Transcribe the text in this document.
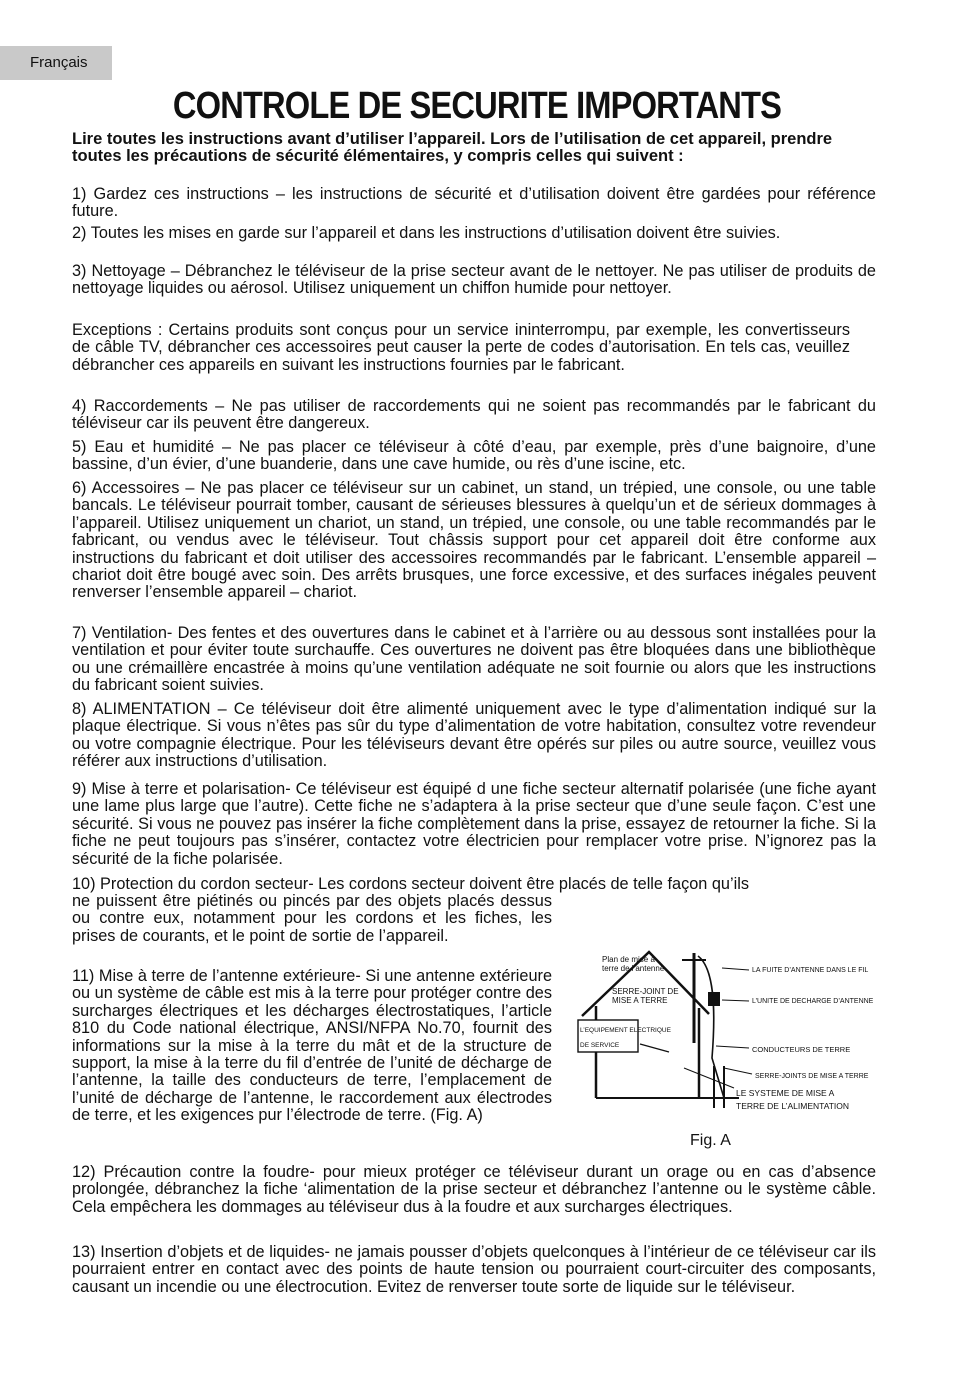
Français
CONTROLE DE SECURITE IMPORTANTS
Lire toutes les instructions avant d’utiliser l’appareil. Lors de l’utilisation de cet appareil, prendre toutes les précautions de sécurité élémentaires, y compris celles qui suivent :

1) Gardez ces instructions – les instructions de sécurité et d’utilisation doivent être gardées pour référence future.

2) Toutes les mises en garde sur l’appareil et dans les instructions d’utilisation doivent être suivies.

3) Nettoyage – Débranchez le téléviseur de la prise secteur avant de le nettoyer. Ne pas utiliser de produits de nettoyage liquides ou aérosol. Utilisez uniquement un chiffon humide pour nettoyer.

Exceptions : Certains produits sont conçus pour un service ininterrompu, par exemple, les convertisseurs de câble TV, débrancher ces accessoires peut causer la perte de codes d’autorisation. En tels cas, veuillez débrancher ces appareils en suivant les instructions fournies par le fabricant.

4) Raccordements – Ne pas utiliser de raccordements qui ne soient pas recommandés par le fabricant du téléviseur car ils peuvent être dangereux.

5) Eau et humidité – Ne pas placer ce téléviseur à côté d’eau, par exemple, près d’une baignoire, d’une bassine, d’un évier, d’une buanderie, dans une cave humide, ou rès d’une iscine, etc.

6) Accessoires – Ne pas placer ce téléviseur sur un cabinet, un stand, un trépied, une console, ou une table bancals. Le téléviseur pourrait tomber, causant de sérieuses blessures à quelqu’un et de sérieux dommages à l’appareil. Utilisez uniquement un chariot, un stand, un trépied, une console, ou une table recommandés par le fabricant, ou vendus avec le téléviseur. Tout châssis support pour cet appareil doit être conforme aux instructions du fabricant et doit utiliser des accessoires recommandés par le fabricant. L’ensemble appareil – chariot doit être bougé avec soin. Des arrêts brusques, une force excessive, et des surfaces inégales peuvent renverser l’ensemble appareil – chariot.

7) Ventilation- Des fentes et des ouvertures dans le cabinet et à l’arrière ou au dessous sont installées pour la ventilation et pour éviter toute surchauffe. Ces ouvertures ne doivent pas être bloquées dans une bibliothèque ou une crémaillère encastrée à moins qu’une ventilation adéquate ne soit fournie ou alors que les instructions du fabricant soient suivies.

8) ALIMENTATION – Ce téléviseur doit être alimenté uniquement avec le type d’alimentation indiqué sur la plaque électrique. Si vous n’êtes pas sûr du type d’alimentation de votre habitation, consultez votre revendeur ou votre compagnie électrique. Pour les téléviseurs devant être opérés sur piles ou autre source, veuillez vous référer aux instructions d’utilisation.

9) Mise à terre et polarisation- Ce téléviseur est équipé d une fiche secteur alternatif polarisée (une fiche ayant une lame plus large que l’autre). Cette fiche ne s’adaptera à la prise secteur que d’une seule façon. C’est une sécurité. Si vous ne pouvez pas insérer la fiche complètement dans la prise, essayez de retourner la fiche. Si la fiche ne peut toujours pas s’insérer, contactez votre électricien pour remplacer votre prise. N’ignorez pas la sécurité de la fiche polarisée.

10) Protection du cordon secteur- Les cordons secteur doivent être placés de telle façon qu’ils

ne puissent être piétinés ou pincés par des objets placés dessus ou contre eux, notamment pour les cordons et les fiches, les prises de courants, et le point de sortie de l’appareil.

11) Mise à terre de l’antenne extérieure- Si une antenne extérieure ou un système de câble est mis à la terre pour protéger contre des surcharges électriques et les décharges électrostatiques, l’article 810 du Code national électrique, ANSI/NFPA No.70, fournit des informations sur la mise à la terre du mât et de la structure de support, la mise à la terre du fil d’entrée de l’unité de décharge de l’antenne, la taille des conducteurs de terre, l’emplacement de l’unité de décharge de l’antenne, le raccordement aux électrodes de terre, et les exigences pur l’électrode de terre. (Fig. A)

Plan de mise à
terre de l’antenne
SERRE-JOINT DE
MISE A TERRE
L’EQUIPEMENT ELECTRIQUE
DE SERVICE
LA FUITE D’ANTENNE DANS LE FIL
L’UNITE DE DECHARGE D’ANTENNE
CONDUCTEURS DE TERRE
SERRE-JOINTS DE MISE A TERRE
LE SYSTEME DE MISE A
TERRE DE L’ALIMENTATION
Fig. A

12) Précaution contre la foudre- pour mieux protéger ce téléviseur durant un orage ou en cas d’absence prolongée, débranchez la fiche ‘alimentation de la prise secteur et débranchez l’antenne ou le système câble. Cela empêchera les dommages au téléviseur dus à la foudre et aux surcharges électriques.

13) Insertion d’objets et de liquides- ne jamais pousser d’objets quelconques à l’intérieur de ce téléviseur car ils pourraient entrer en contact avec des points de haute tension ou pourraient court-circuiter des composants, causant un incendie ou une électrocution. Evitez de renverser toute sorte de liquide sur le téléviseur.
